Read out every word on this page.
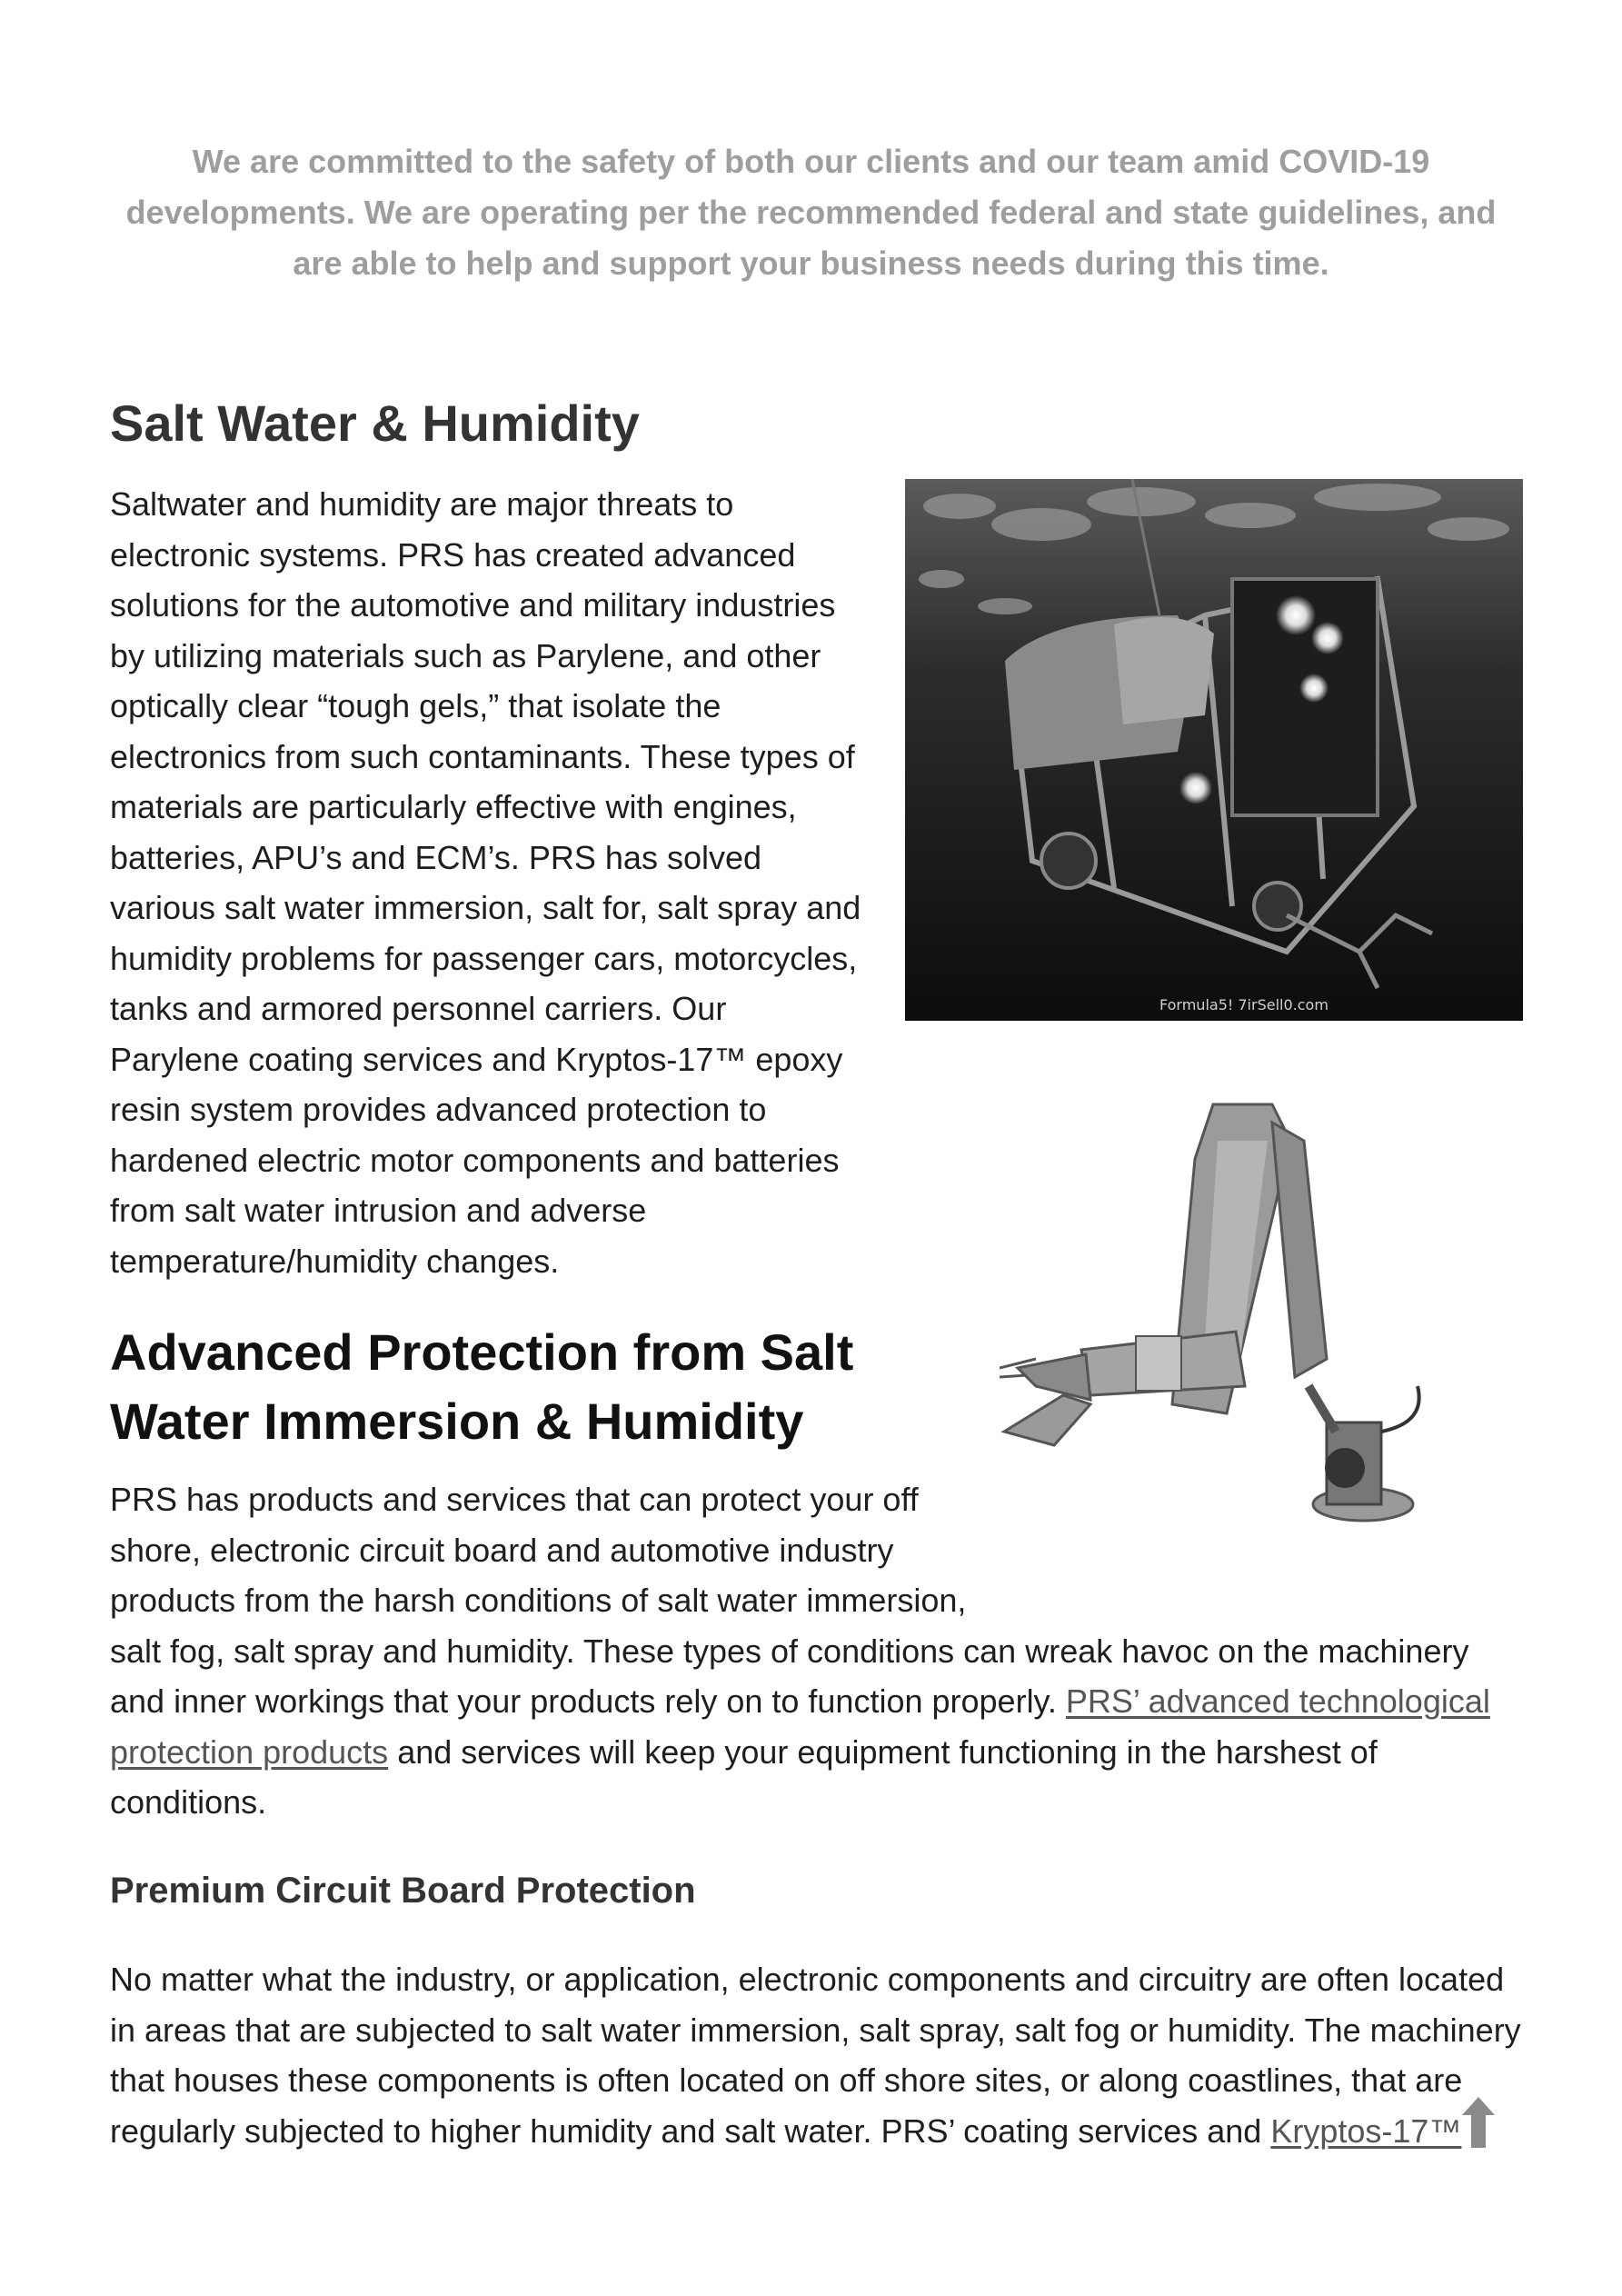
We are committed to the safety of both our clients and our team amid COVID-19 developments. We are operating per the recommended federal and state guidelines, and are able to help and support your business needs during this time.
Salt Water & Humidity

Saltwater and humidity are major threats to electronic systems. PRS has created advanced solutions for the automotive and military industries by utilizing materials such as Parylene, and other optically clear “tough gels,” that isolate the electronics from such contaminants. These types of materials are particularly effective with engines, batteries, APU’s and ECM’s. PRS has solved various salt water immersion, salt for, salt spray and humidity problems for passenger cars, motorcycles, tanks and armored personnel carriers. Our Parylene coating services and Kryptos-17™ epoxy resin system provides advanced protection to hardened electric motor components and batteries from salt water intrusion and adverse temperature/humidity changes.

Formula5! 7irSell0.com
Advanced Protection from Salt Water Immersion & Humidity

PRS has products and services that can protect your off shore, electronic circuit board and automotive industry products from the harsh conditions of salt water immersion, salt fog, salt spray and humidity. These types of conditions can wreak havoc on the machinery and inner workings that your products rely on to function properly. PRS’ advanced technological protection products and services will keep your equipment functioning in the harshest of conditions.

Premium Circuit Board Protection

No matter what the industry, or application, electronic components and circuitry are often located in areas that are subjected to salt water immersion, salt spray, salt fog or humidity. The machinery that houses these components is often located on off shore sites, or along coastlines, that are regularly subjected to higher humidity and salt water. PRS’ coating services and Kryptos-17™
